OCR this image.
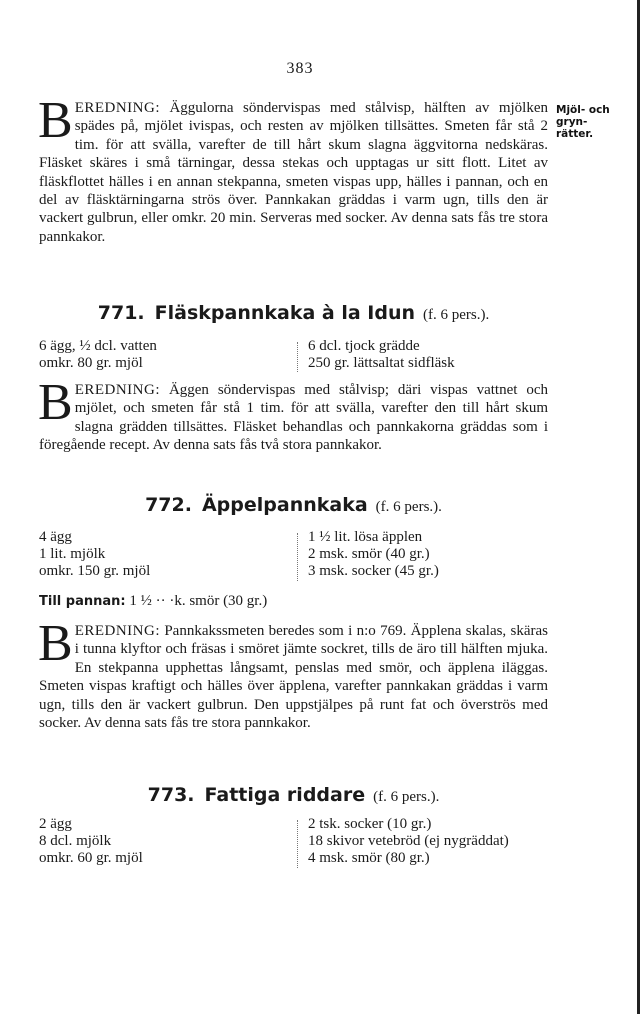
383
Mjöl- och
gryn-
rätter.

BEREDNING: Äggulorna söndervispas med stålvisp, hälften av mjölken spädes på, mjölet ivispas, och resten av mjölken tillsättes. Smeten får stå 2 tim. för att svälla, varefter de till hårt skum slagna äggvitorna nedskäras. Fläsket skäres i små tärningar, dessa stekas och upptagas ur sitt flott. Litet av fläskflottet hälles i en annan stekpanna, smeten vispas upp, hälles i pannan, och en del av fläsktärningarna strös över. Pannkakan gräddas i varm ugn, tills den är vackert gulbrun, eller omkr. 20 min. Serveras med socker. Av denna sats fås tre stora pannkakor.

771. Fläskpannkaka à la Idun (f. 6 pers.).
6 ägg, ½ dcl. vatten
omkr. 80 gr. mjöl
6 dcl. tjock grädde
250 gr. lättsaltat sidfläsk

BEREDNING: Äggen söndervispas med stålvisp; däri vispas vattnet och mjölet, och smeten får stå 1 tim. för att svälla, varefter den till hårt skum slagna grädden tillsättes. Fläsket behandlas och pannkakorna gräddas som i föregående recept. Av denna sats fås två stora pannkakor.

772. Äppelpannkaka (f. 6 pers.).
4 ägg
1 lit. mjölk
omkr. 150 gr. mjöl
1 ½ lit. lösa äpplen
2 msk. smör (40 gr.)
3 msk. socker (45 gr.)
Till pannan: 1 ½ ·· ·k. smör (30 gr.)

BEREDNING: Pannkakssmeten beredes som i n:o 769. Äpplena skalas, skäras i tunna klyftor och fräsas i smöret jämte sockret, tills de äro till hälften mjuka. En stekpanna upphettas långsamt, penslas med smör, och äpplena iläggas. Smeten vispas kraftigt och hälles över äpplena, varefter pannkakan gräddas i varm ugn, tills den är vackert gulbrun. Den uppstjälpes på runt fat och överströs med socker. Av denna sats fås tre stora pannkakor.

773. Fattiga riddare (f. 6 pers.).
2 ägg
8 dcl. mjölk
omkr. 60 gr. mjöl
2 tsk. socker (10 gr.)
18 skivor vetebröd (ej nygräddat)
4 msk. smör (80 gr.)
